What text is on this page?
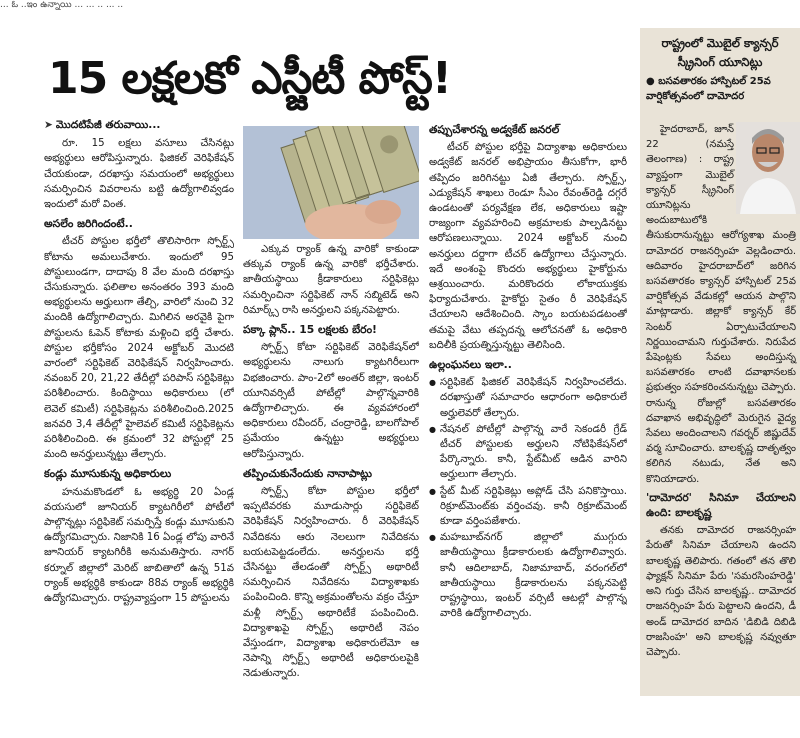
... ఓ ..ఇం ఉన్నాయి ... ... .. ... ..
15 లక్షలకో ఎస్జీటీ పోస్ట్!
➤ మొదటిపేజీ తరువాయి...

రూ. 15 లక్షలు వసూలు చేసినట్లు అభ్యర్థులు ఆరోపిస్తున్నారు. ఫిజికల్ వెరిఫికేషన్ చేయకుండా, దరఖాస్తు సమయంలో అభ్యర్థులు సమర్పించిన వివరాలను బట్టి ఉద్యోగాలివ్వడం ఇందులో మరో వింత.

అసలేం జరిగిందంటే..

టీచర్ పోస్టుల భర్తీలో తొలిసారిగా స్పోర్ట్స్ కోటాను అమలుచేశారు. ఇందులో 95 పోస్టులుండగా, దాదాపు 8 వేల మంది దరఖాస్తు చేసుకున్నారు. ఫలితాల అనంతరం 393 మంది అభ్యర్థులను అర్హులుగా తేల్చి, వారిలో నుంచి 32 మందికి ఉద్యోగాలిచ్చారు. మిగిలిన అరవైకి పైగా పోస్టులను ఓపెన్ కోటాకు మళ్లించి భర్తీ చేశారు. పోస్టుల భర్తీకోసం 2024 అక్టోబర్ మొదటి వారంలో సర్టిఫికెట్ వెరిఫికేషన్ నిర్వహించారు. నవంబర్ 20, 21,22 తేదీల్లో పరిపాస్ సర్టిఫికెట్లు పరిశీలించారు. కిందిస్థాయి అధికారులు (లో లెవెల్ కమిటీ) సర్టిఫికెట్లను పరిశీలించింది.2025 జనవరి 3,4 తేదీల్లో హైలెవల్ కమిటీ సర్టిఫికెట్లను పరిశీలించింది. ఈ క్రమంలో 32 పోస్టుల్లో 25 మంది అనర్హులున్నట్టు తేల్చారు.

కండ్లు మూసుకున్న అధికారులు

హనుమకొండలో ఓ అభ్యర్థి 20 ఏండ్ల వయసులో జూనియర్ క్యాటగిరీలో పోటీలో పాల్గొన్నట్లు సర్టిఫికెట్ సమర్పిస్తే కండ్లు మూసుకుని ఉద్యోగమిచ్చారు. నిజానికి 16 ఏండ్ల లోపు వారినే జూనియర్ క్యాటగిరీకి అనుమతిస్తారు. నాగర్ కర్నూల్ జిల్లాలో మెరిట్ జాబితాలో ఉన్న 51వ ర్యాంక్ అభ్యర్థికి కాకుండా 88వ ర్యాంక్ అభ్యర్థికి ఉద్యోగమిచ్చారు. రాష్ట్రవ్యాప్తంగా 15 పోస్టులను

ఎక్కువ ర్యాంక్ ఉన్న వారికో కాకుండా తక్కువ ర్యాంక్ ఉన్న వారికో భర్తీచేశారు. జాతీయస్థాయి క్రీడాకారులు సర్టిఫికెట్లు సమర్పించినా సర్టిఫికెట్ నాన్ సబ్మిటెడ్ అని రిమార్క్స్ రాసి అనర్హులని పక్కనపెట్టారు.

పక్కా ప్లాన్.. 15 లక్షలకు బేరం!

స్పోర్ట్స్ కోటా సర్టిఫికెట్ వెరిఫికేషన్‌లో అభ్యర్థులను నాలుగు క్యాటగిరీలుగా విభజించారు. పాం-2లో అంతర్ జిల్లా, ఇంటర్ యూనివర్సిటీ పోటీల్లో పాల్గొన్నవారికి ఉద్యోగాలిచ్చారు. ఈ వ్యవహారంలో అధికారులు రవీందర్, చంద్రారెడ్డి, బాలగోపాల్ ప్రమేయం ఉన్నట్టు అభ్యర్థులు ఆరోపిస్తున్నారు.

తప్పించుకునేందుకు నానాపాట్లు

స్పోర్ట్స్ కోటా పోస్టుల భర్తీలో ఇప్పటివరకు మూడుసార్లు సర్టిఫికెట్ వెరిఫికేషన్ నిర్వహించారు. రీ వెరిఫికేషన్ నివేదికను ఆరు నెలలుగా నివేదికను బయటపెట్టడంలేదు. అనర్హులను భర్తీ చేసినట్టు తేలడంతో స్పోర్ట్స్ అథారిటీ సమర్పించిన నివేదికను విద్యాశాఖకు పంపించింది. కొన్ని అక్రమంతోలను వక్రం చేస్తూ మళ్లీ స్పోర్ట్స్ అథారిటీకే పంపించింది. విద్యాశాఖపై స్పోర్ట్స్ అథారిటీ నెపం వేస్తుండగా, విద్యాశాఖ అధికారులేమో ఆ నెపాన్ని స్పోర్ట్స్ అథారిటీ అధికారులపైకి నెడుతున్నారు.

తప్పుచేశారన్న అడ్వకేట్ జనరల్

టీచర్ పోస్టుల భర్తీపై విద్యాశాఖ అధికారులు అడ్వకేట్ జనరల్ అభిప్రాయం తీసుకోగా, భారీ తప్పిదం జరిగినట్టు ఏజీ తేల్చారు. స్పోర్ట్స్, ఎడ్యుకేషన్ శాఖలు రెండూ సీఎం రేవంత్‌రెడ్డి దగ్గరే ఉండటంతో పర్యవేక్షణ లేక, అధికారులు ఇష్టా రాజ్యంగా వ్యవహరించి అక్రమాలకు పాల్పడినట్టు ఆరోపణలున్నాయి. 2024 అక్టోబర్ నుంచి అనర్హులు దర్జాగా టీచర్ ఉద్యోగాలు చేస్తున్నారు. ఇదే అంశంపై కొందరు అభ్యర్థులు హైకోర్టును ఆశ్రయించారు. మరికొందరు లోకాయుక్తకు ఫిర్యాదుచేశారు. హైకోర్టు సైతం రీ వెరిఫికేషన్ చేయాలని ఆదేశించింది. స్కాం బయటపడటంతో తమపై వేటు తప్పదన్న ఆలోచనతో ఓ అధికారి బదిలీకి ప్రయత్నిస్తున్నట్టు తెలిసింది.

ఉల్లంఘనలు ఇలా..
● సర్టిఫికెట్ ఫిజికల్ వెరిఫికేషన్ నిర్వహించలేదు. దరఖాస్తుతో సమాచారం ఆధారంగా అధికారులే అర్హులెవరో తేల్చారు.
● నేషనల్ పోటీల్లో పాల్గొన్న వారే సెకండరీ గ్రేడ్ టీచర్ పోస్టులకు అర్హులని నోటిఫికేషన్‌లో పేర్కొన్నారు. కానీ, స్టేట్‌మీట్ ఆడిన వారిని అర్హులుగా తేల్చారు.
● స్టేట్ మీట్ సర్టిఫికెట్లు అప్లోడ్ చేసి పనికొస్తాయి. రిక్రూట్‌మెంట్‌కు వర్తించవు. కానీ రిక్రూట్‌మెంట్ కూడా వర్తింపజేశారు.
● మహబూబ్‌నగర్ జిల్లాలో ముగ్గురు జాతీయస్థాయి క్రీడాకారులకు ఉద్యోగాలివ్వారు. కానీ ఆదిలాబాద్, నిజామాబాద్, వరంగల్‌లో జాతీయస్థాయి క్రీడాకారులను పక్కనపెట్టి రాష్ట్రస్థాయి, ఇంటర్ వర్సిటీ ఆటల్లో పాల్గొన్న వారికి ఉద్యోగాలిచ్చారు.
రాష్ట్రంలో మొబైల్ క్యాన్సర్ స్క్రీనింగ్ యూనిట్లు
● బసవతారకం హాస్పిటల్ 25వ వార్షికోత్సవంలో దామోదర

హైదరాబాద్, జూన్ 22 (నమస్తే తెలంగాణ) : రాష్ట్ర వ్యాప్తంగా మొబైల్ క్యాన్సర్ స్క్రీనింగ్ యూనిట్లను అందుబాటులోకి తీసుకురానున్నట్టు ఆరోగ్యశాఖ మంత్రి దామోదర రాజనర్సింహ వెల్లడించారు. ఆదివారం హైదరాబాద్‌లో జరిగిన బసవతారకం క్యాన్సర్ హాస్పిటల్ 25వ వార్షికోత్సవ వేడుకల్లో ఆయన పాల్గొని మాట్లాడారు. జిల్లాకో క్యాన్సర్ కేర్ సెంటర్ ఏర్పాటుచేయాలని నిర్ణయించామని గుర్తుచేశారు. నిరుపేద పేషెంట్లకు సేవలు అందిస్తున్న బసవతారకం లాంటి దవాఖానలకు ప్రభుత్వం సహకరించనున్నట్టు చెప్పారు. రానున్న రోజుల్లో బసవతారకం దవాఖాన అభివృద్ధిలో మెరుగైన వైద్య సేవలు అందించాలని గవర్నర్ జిష్ణుదేవ్ వర్మ సూచించారు. బాలకృష్ణ దాతృత్వం కలిగిన నటుడు, నేత అని కొనియాడారు.

'దామోదర' సినిమా చేయాలని ఉంది: బాలకృష్ణ

తనకు దామోదర రాజనర్సింహ పేరుతో సినిమా చేయాలని ఉందని బాలకృష్ణ తెలిపారు. గతంలో తన తొలి ఫ్యాక్షన్ సినిమా పేరు 'సమరసింహరెడ్డి' అని గుర్తు చేసిన బాలకృష్ణ.. దామోదర రాజనర్సింహ పేరు పెట్టాలని ఉందని, డీ అండ్ దామోదర బాదిన 'డిబిడి దిబిడి రాజసింహ' అని బాలకృష్ణ నవ్వుతూ చెప్పారు.
